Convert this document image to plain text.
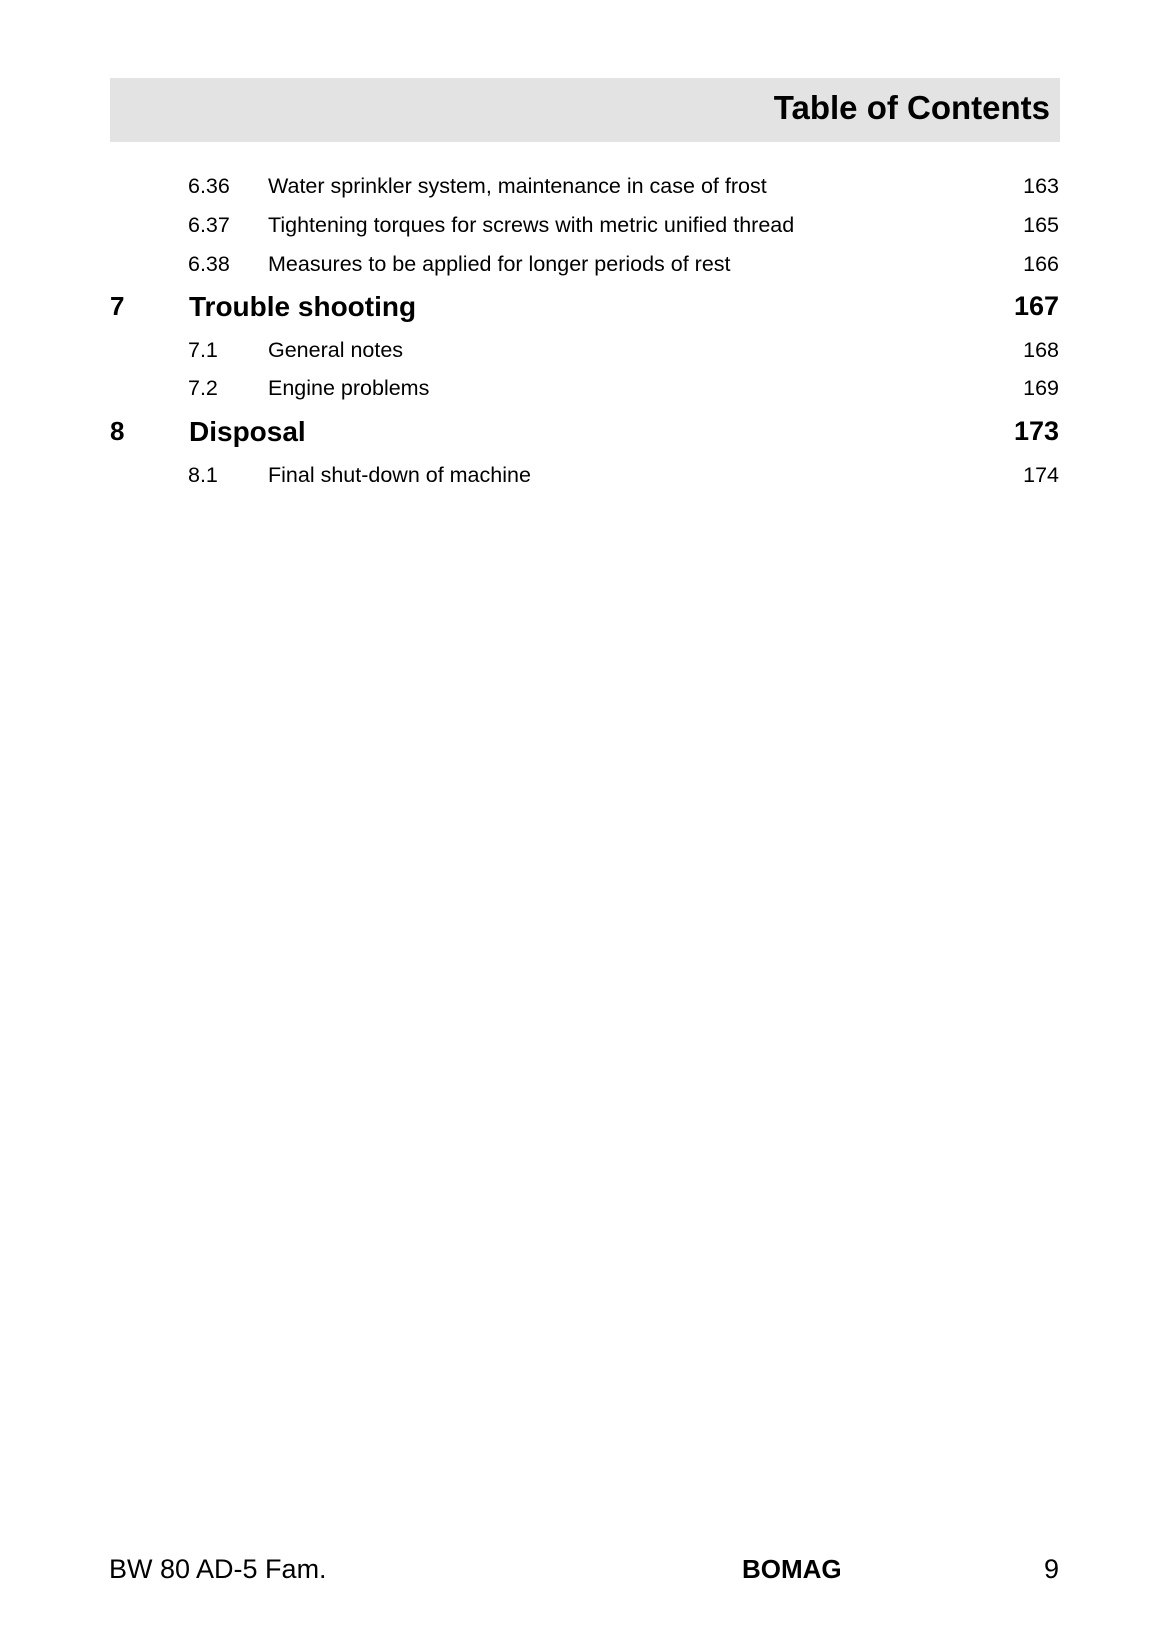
Table of Contents
6.36 Water sprinkler system, maintenance in case of frost	163
6.37 Tightening torques for screws with metric unified thread	165
6.38 Measures to be applied for longer periods of rest	166
7 Trouble shooting	167
7.1 General notes	168
7.2 Engine problems	169
8 Disposal	173
8.1 Final shut-down of machine	174
BW 80 AD-5 Fam.	BOMAG	9
